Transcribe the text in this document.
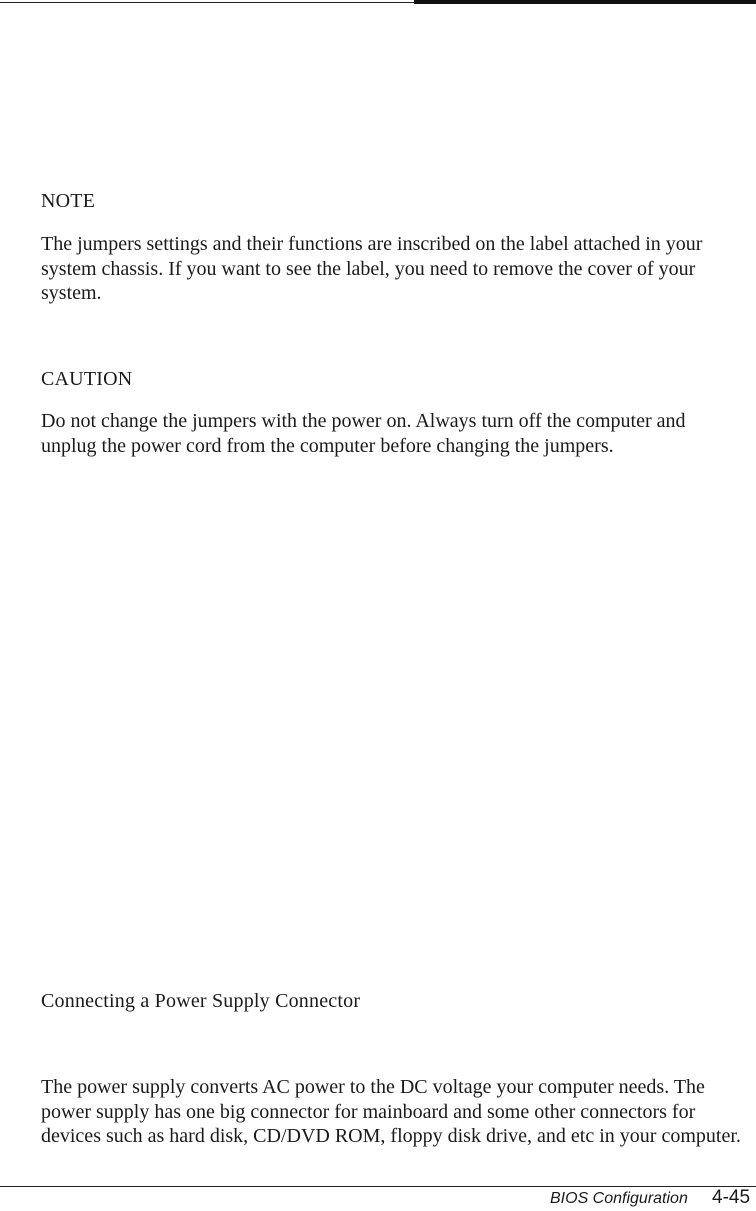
NOTE
The jumpers settings and their functions are inscribed on the label attached in your system chassis. If you want to see the label, you need to remove the cover of your system.
CAUTION
Do not change the jumpers with the power on. Always turn off the computer and unplug the power cord from the computer before changing the jumpers.
Connecting a Power Supply Connector
The power supply converts AC power to the DC voltage your computer needs. The power supply has one big connector for mainboard and some other connectors for devices such as hard disk, CD/DVD ROM, floppy disk drive, and etc in your computer.
BIOS Configuration 4-45
